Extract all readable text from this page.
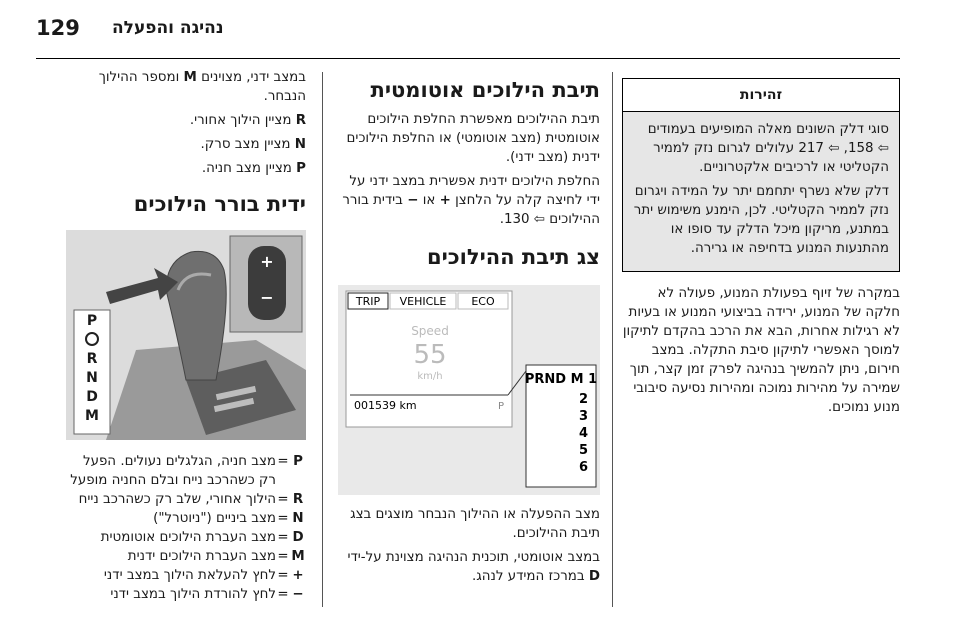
129 נהיגה והפעלה
זהירות

סוגי דלק השונים מאלה המופיעים בעמודים ⇦ 158, ⇦ 217 עלולים לגרום נזק לממיר הקטליטי או לרכיבים אלקטרוניים.

דלק שלא נשרף יתחמם יתר על המידה ויגרום נזק לממיר הקטליטי. לכן, הימנע משימוש יתר במתנע, מריקון מיכל הדלק עד סופו או מהתנעות המנוע בדחיפה או גרירה.

במקרה של זיוף בפעולת המנוע, פעולה לא חלקה של המנוע, ירידה בביצועי המנוע או בעיות לא רגילות אחרות, הבא את הרכב בהקדם לתיקון למוסך האפשרי לתיקון סיבת התקלה. במצב חירום, ניתן להמשיך בנהיגה לפרק זמן קצר, תוך שמירה על מהירות נמוכה ומהירות נסיעה סיבובי מנוע נמוכים.
תיבת הילוכים אוטומטית

תיבת ההילוכים מאפשרת החלפת הילוכים אוטומטית (מצב אוטומטי) או החלפת הילוכים ידנית (מצב ידני).

החלפת הילוכים ידנית אפשרית במצב ידני על ידי לחיצה קלה על הלחצן + או − בידית בורר ההילוכים ⇦ 130.

צג תיבת ההילוכים
TRIP VEHICLE ECO
Speed
55
km/h
001539 km	P
PRND M 1
2
3
4
5
6

מצב ההפעלה או ההילוך הנבחר מוצגים בצג תיבת ההילוכים.

במצב אוטומטי, תוכנית הנהיגה מצוינת על-ידי D במרכז המידע לנהג.

במצב ידני, מצוינים M ומספר ההילוך הנבחר.

R מציין הילוך אחורי.

N מציין מצב סרק.

P מציין מצב חניה.

ידית בורר הילוכים
P
R
N
D
M
+
−
P
=
מצב חניה, הגלגלים נעולים. הפעל רק כשהרכב נייח ובלם החניה מופעל
R
=
הילוך אחורי, שלב רק כשהרכב נייח
N
=
מצב ביניים ("ניוטרל")
D
=
מצב העברת הילוכים אוטומטית
M
=
מצב העברת הילוכים ידנית
+
=
לחץ להעלאת הילוך במצב ידני
−
=
לחץ להורדת הילוך במצב ידני
